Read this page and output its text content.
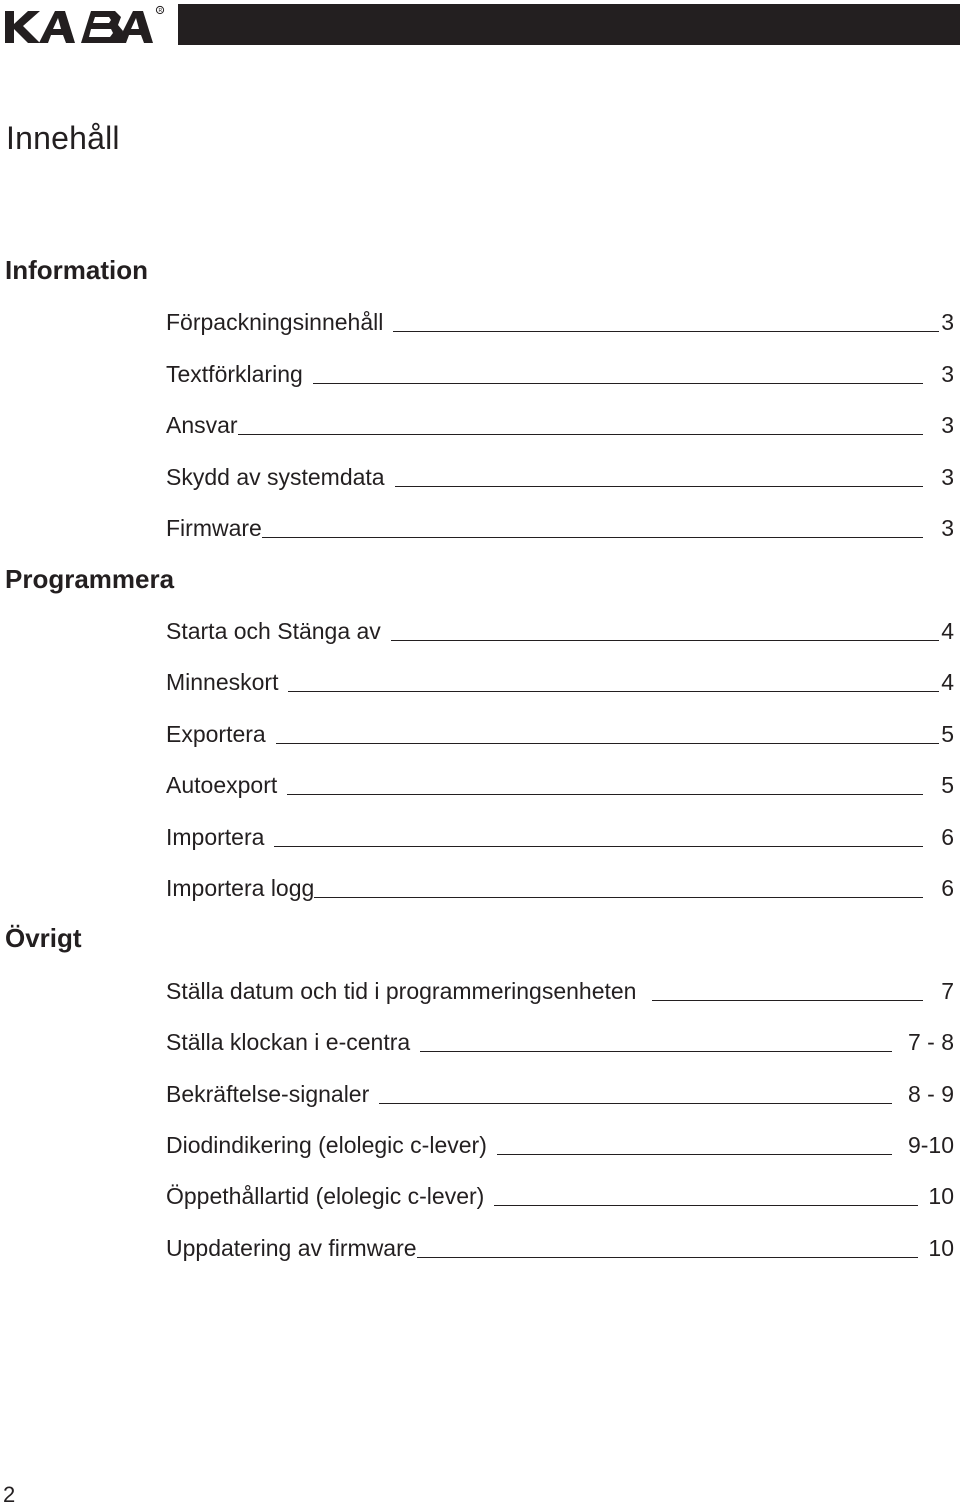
R
Innehåll
Information
Förpackningsinnehåll	3
Textförklaring	3
Ansvar	3
Skydd av systemdata	3
Firmware	3
Programmera
Starta och Stänga av	4
Minneskort	4
Exportera	5
Autoexport	5
Importera	6
Importera logg	6
Övrigt
Ställa datum och tid i programmeringsenheten	7
Ställa klockan i e-centra	7 - 8
Bekräftelse-signaler	8 - 9
Diodindikering (elolegic c-lever)	9-10
Öppethållartid (elolegic c-lever)	10
Uppdatering av firmware	10
2
